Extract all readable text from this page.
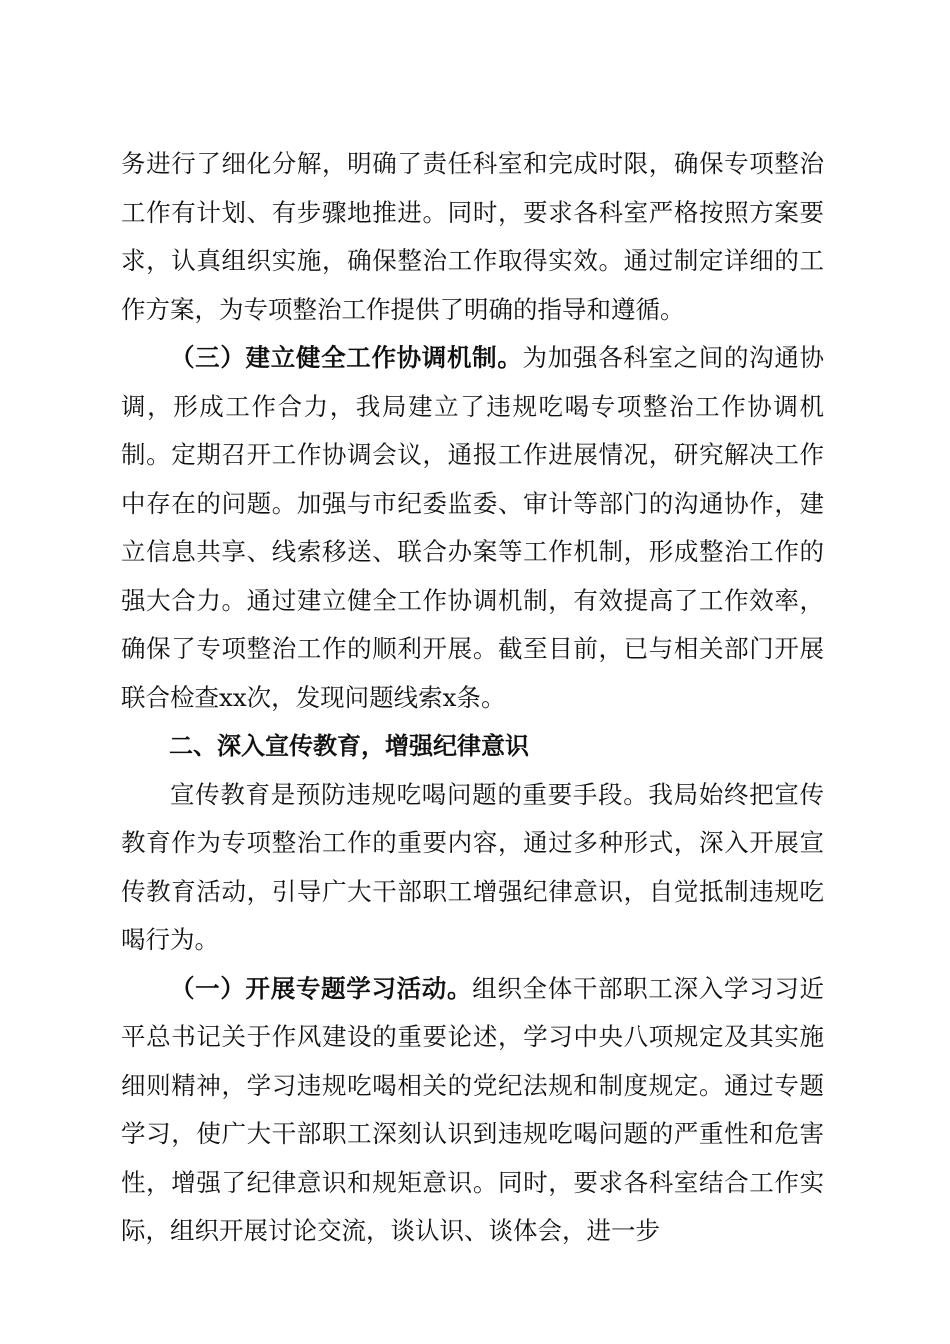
务进行了细化分解，明确了责任科室和完成时限，确保专项整治工作有计划、有步骤地推进。同时，要求各科室严格按照方案要求，认真组织实施，确保整治工作取得实效。通过制定详细的工作方案，为专项整治工作提供了明确的指导和遵循。

（三）建立健全工作协调机制。为加强各科室之间的沟通协调，形成工作合力，我局建立了违规吃喝专项整治工作协调机制。定期召开工作协调会议，通报工作进展情况，研究解决工作中存在的问题。加强与市纪委监委、审计等部门的沟通协作，建立信息共享、线索移送、联合办案等工作机制，形成整治工作的强大合力。通过建立健全工作协调机制，有效提高了工作效率，确保了专项整治工作的顺利开展。截至目前，已与相关部门开展联合检查xx次，发现问题线索x条。

二、深入宣传教育，增强纪律意识

宣传教育是预防违规吃喝问题的重要手段。我局始终把宣传教育作为专项整治工作的重要内容，通过多种形式，深入开展宣传教育活动，引导广大干部职工增强纪律意识，自觉抵制违规吃喝行为。

（一）开展专题学习活动。组织全体干部职工深入学习习近平总书记关于作风建设的重要论述，学习中央八项规定及其实施细则精神，学习违规吃喝相关的党纪法规和制度规定。通过专题学习，使广大干部职工深刻认识到违规吃喝问题的严重性和危害性，增强了纪律意识和规矩意识。同时，要求各科室结合工作实际，组织开展讨论交流，谈认识、谈体会，进一步
